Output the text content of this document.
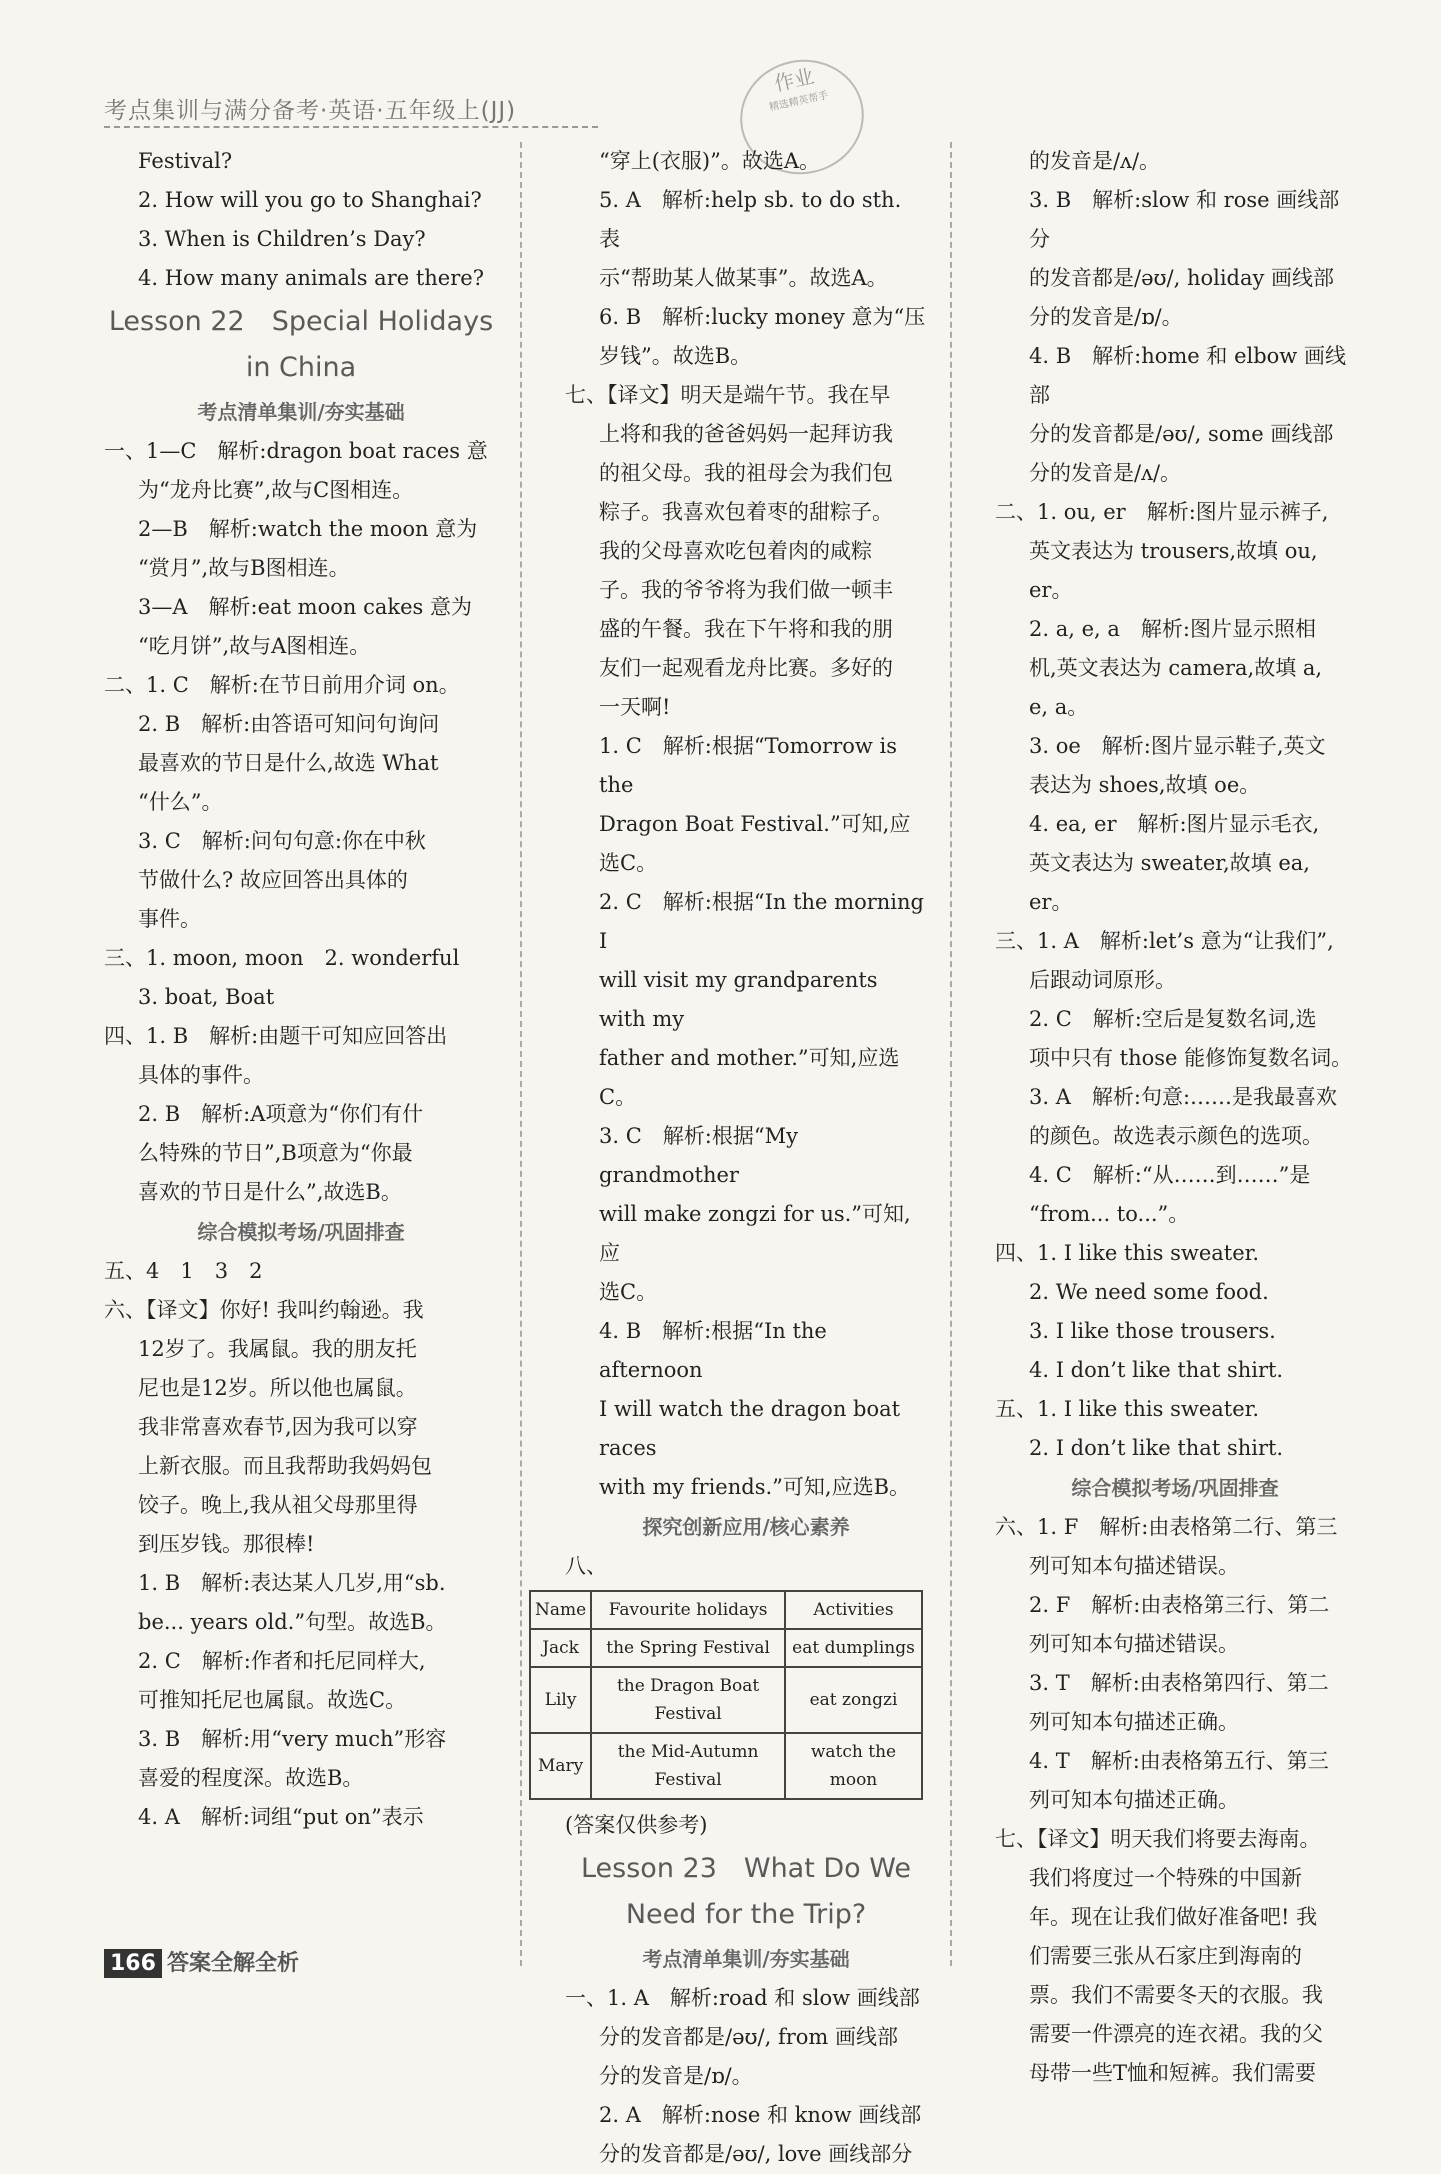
考点集训与满分备考·英语·五年级上(JJ)
作业
精选精英帮手
Festival?
2. How will you go to Shanghai?
3. When is Children’s Day?
4. How many animals are there?
Lesson 22　Special Holidays
in China
考点清单集训/夯实基础
一、1—C　解析:dragon boat races 意
为“龙舟比赛”,故与C图相连。
2—B　解析:watch the moon 意为
“赏月”,故与B图相连。
3—A　解析:eat moon cakes 意为
“吃月饼”,故与A图相连。
二、1. C　解析:在节日前用介词 on。
2. B　解析:由答语可知问句询问
最喜欢的节日是什么,故选 What
“什么”。
3. C　解析:问句句意:你在中秋
节做什么? 故应回答出具体的
事件。
三、1. moon, moon　2. wonderful
3. boat, Boat
四、1. B　解析:由题干可知应回答出
具体的事件。
2. B　解析:A项意为“你们有什
么特殊的节日”,B项意为“你最
喜欢的节日是什么”,故选B。
综合模拟考场/巩固排查
五、4　1　3　2
六、【译文】你好! 我叫约翰逊。我
12岁了。我属鼠。我的朋友托
尼也是12岁。所以他也属鼠。
我非常喜欢春节,因为我可以穿
上新衣服。而且我帮助我妈妈包
饺子。晚上,我从祖父母那里得
到压岁钱。那很棒!
1. B　解析:表达某人几岁,用“sb.
be... years old.”句型。故选B。
2. C　解析:作者和托尼同样大,
可推知托尼也属鼠。故选C。
3. B　解析:用“very much”形容
喜爱的程度深。故选B。
4. A　解析:词组“put on”表示
“穿上(衣服)”。故选A。
5. A　解析:help sb. to do sth. 表
示“帮助某人做某事”。故选A。
6. B　解析:lucky money 意为“压
岁钱”。故选B。
七、【译文】明天是端午节。我在早
上将和我的爸爸妈妈一起拜访我
的祖父母。我的祖母会为我们包
粽子。我喜欢包着枣的甜粽子。
我的父母喜欢吃包着肉的咸粽
子。我的爷爷将为我们做一顿丰
盛的午餐。我在下午将和我的朋
友们一起观看龙舟比赛。多好的
一天啊!
1. C　解析:根据“Tomorrow is the
Dragon Boat Festival.”可知,应
选C。
2. C　解析:根据“In the morning I
will visit my grandparents with my
father and mother.”可知,应选C。
3. C　解析:根据“My grandmother
will make zongzi for us.”可知,应
选C。
4. B　解析:根据“In the afternoon
I will watch the dragon boat races
with my friends.”可知,应选B。
探究创新应用/核心素养
八、
Name	Favourite holidays	Activities
Jack	the Spring Festival	eat dumplings
Lily	the Dragon Boat Festival	eat zongzi
Mary	the Mid-Autumn Festival	watch the moon
(答案仅供参考)
Lesson 23　What Do We
Need for the Trip?
考点清单集训/夯实基础
一、1. A　解析:road 和 slow 画线部
分的发音都是/əʊ/, from 画线部
分的发音是/ɒ/。
2. A　解析:nose 和 know 画线部
分的发音都是/əʊ/, love 画线部分
的发音是/ʌ/。
3. B　解析:slow 和 rose 画线部分
的发音都是/əʊ/, holiday 画线部
分的发音是/ɒ/。
4. B　解析:home 和 elbow 画线部
分的发音都是/əʊ/, some 画线部
分的发音是/ʌ/。
二、1. ou, er　解析:图片显示裤子,
英文表达为 trousers,故填 ou, er。
2. a, e, a　解析:图片显示照相
机,英文表达为 camera,故填 a,
e, a。
3. oe　解析:图片显示鞋子,英文
表达为 shoes,故填 oe。
4. ea, er　解析:图片显示毛衣,
英文表达为 sweater,故填 ea, er。
三、1. A　解析:let’s 意为“让我们”,
后跟动词原形。
2. C　解析:空后是复数名词,选
项中只有 those 能修饰复数名词。
3. A　解析:句意:……是我最喜欢
的颜色。故选表示颜色的选项。
4. C　解析:“从……到……”是
“from... to...”。
四、1. I like this sweater.
2. We need some food.
3. I like those trousers.
4. I don’t like that shirt.
五、1. I like this sweater.
2. I don’t like that shirt.
综合模拟考场/巩固排查
六、1. F　解析:由表格第二行、第三
列可知本句描述错误。
2. F　解析:由表格第三行、第二
列可知本句描述错误。
3. T　解析:由表格第四行、第二
列可知本句描述正确。
4. T　解析:由表格第五行、第三
列可知本句描述正确。
七、【译文】明天我们将要去海南。
我们将度过一个特殊的中国新
年。现在让我们做好准备吧! 我
们需要三张从石家庄到海南的
票。我们不需要冬天的衣服。我
需要一件漂亮的连衣裙。我的父
母带一些T恤和短裤。我们需要
166 答案全解全析
